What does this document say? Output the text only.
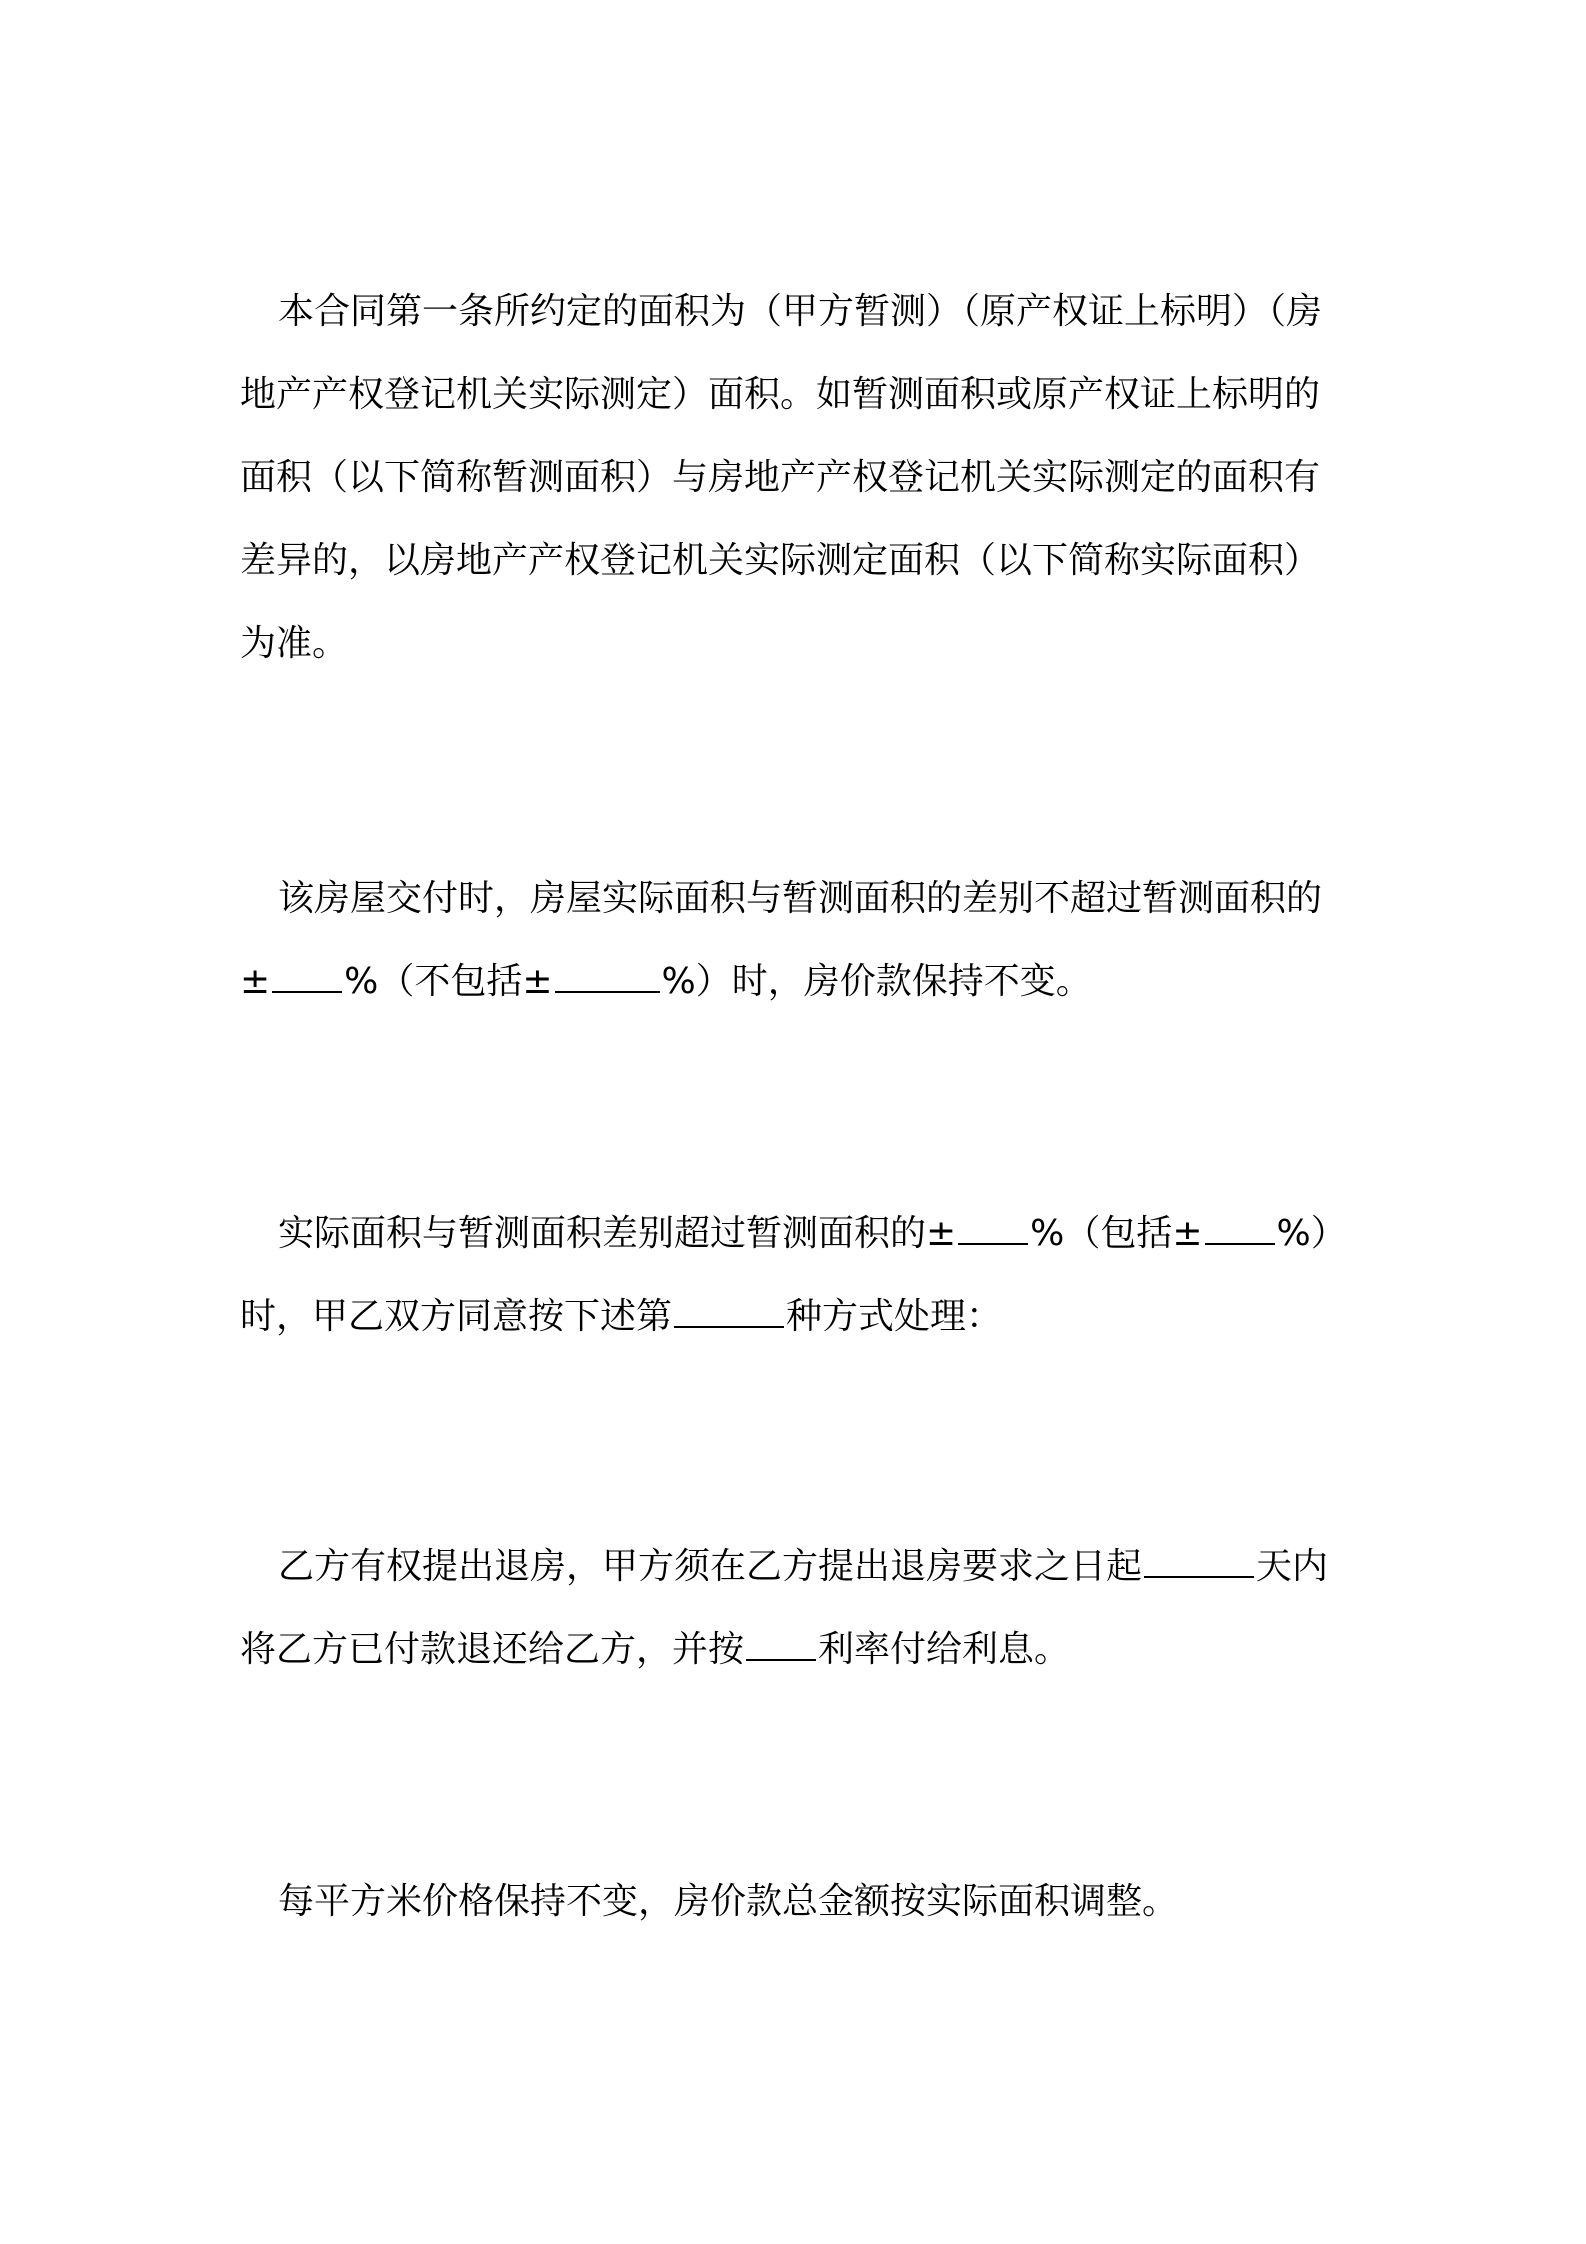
本合同第一条所约定的面积为（甲方暂测）（原产权证上标明）（房
地产产权登记机关实际测定）面积。如暂测面积或原产权证上标明的
面积（以下简称暂测面积）与房地产产权登记机关实际测定的面积有
差异的，以房地产产权登记机关实际测定面积（以下简称实际面积）
为准。
该房屋交付时，房屋实际面积与暂测面积的差别不超过暂测面积的
± %（不包括±	%）时，房价款保持不变。
实际面积与暂测面积差别超过暂测面积的± %（包括± %）
时，甲乙双方同意按下述第	种方式处理：
乙方有权提出退房，甲方须在乙方提出退房要求之日起	天内
将乙方已付款退还给乙方，并按 利率付给利息。
每平方米价格保持不变，房价款总金额按实际面积调整。
